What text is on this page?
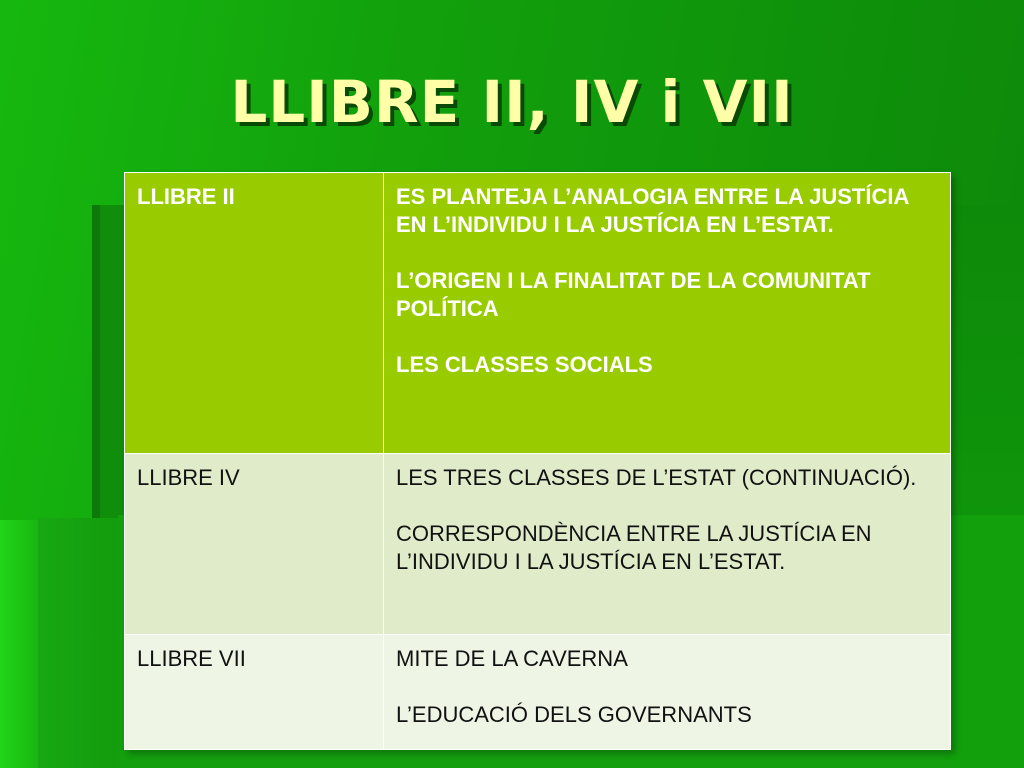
LLIBRE II, IV i VII
LLIBRE II	ES PLANTEJA L’ANALOGIA ENTRE LA JUSTÍCIA EN L’INDIVIDU I LA JUSTÍCIA EN L’ESTAT.
L’ORIGEN I LA FINALITAT DE LA COMUNITAT POLÍTICA
LES CLASSES SOCIALS

LLIBRE IV	LES TRES CLASSES DE L’ESTAT (CONTINUACIÓ).
CORRESPONDÈNCIA ENTRE LA JUSTÍCIA EN L’INDIVIDU I LA JUSTÍCIA EN L’ESTAT.

LLIBRE VII	MITE DE LA CAVERNA
L’EDUCACIÓ DELS GOVERNANTS
